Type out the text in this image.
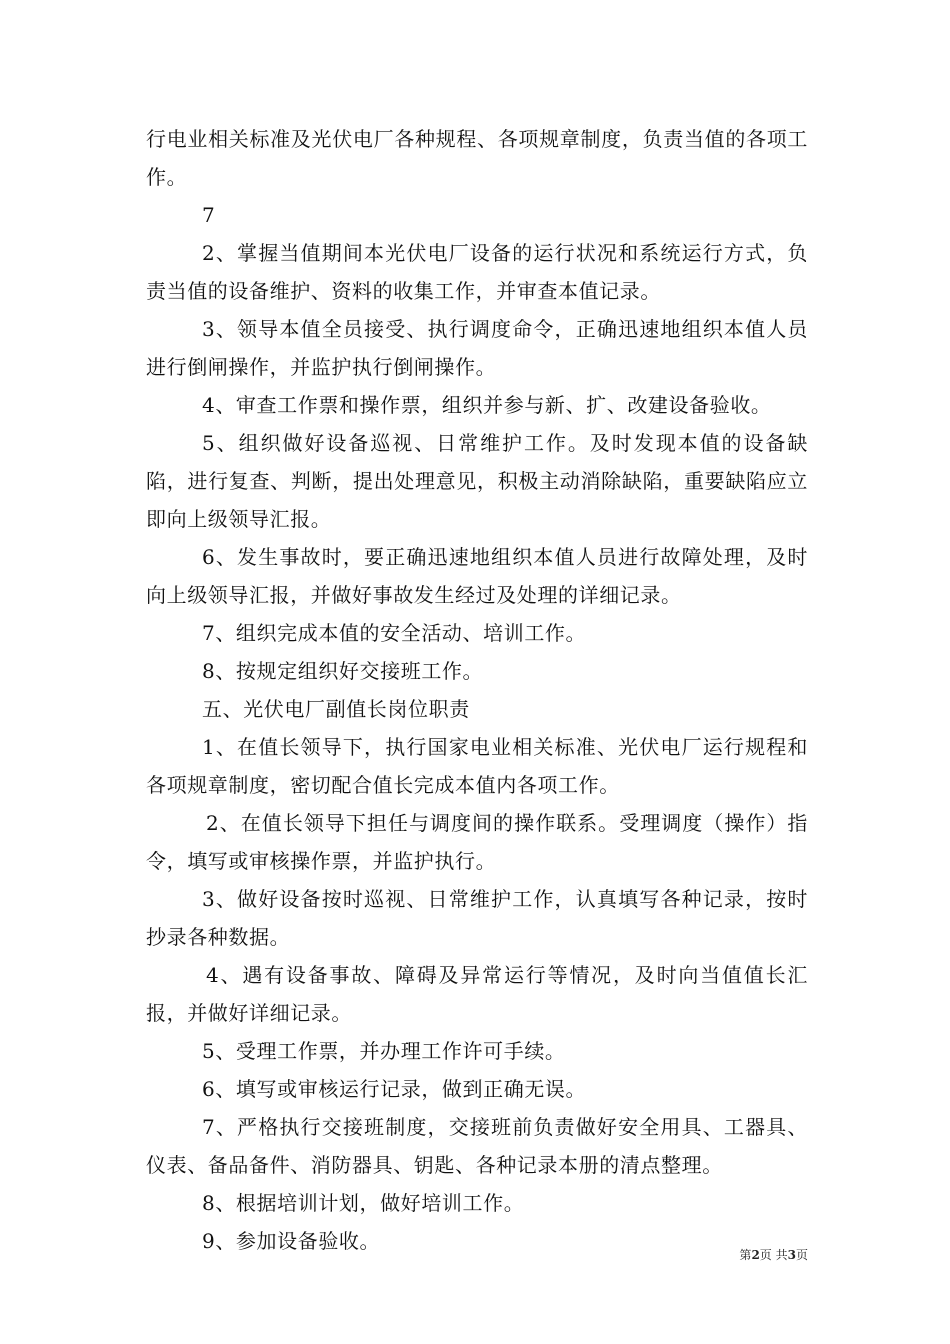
行电业相关标准及光伏电厂各种规程、各项规章制度，负责当值的各项工作。

7

2、掌握当值期间本光伏电厂设备的运行状况和系统运行方式，负责当值的设备维护、资料的收集工作，并审查本值记录。

3、领导本值全员接受、执行调度命令，正确迅速地组织本值人员进行倒闸操作，并监护执行倒闸操作。

4、审查工作票和操作票，组织并参与新、扩、改建设备验收。

5、组织做好设备巡视、日常维护工作。及时发现本值的设备缺陷，进行复查、判断，提出处理意见，积极主动消除缺陷，重要缺陷应立即向上级领导汇报。

6、发生事故时，要正确迅速地组织本值人员进行故障处理，及时向上级领导汇报，并做好事故发生经过及处理的详细记录。

7、组织完成本值的安全活动、培训工作。

8、按规定组织好交接班工作。

五、光伏电厂副值长岗位职责

1、在值长领导下，执行国家电业相关标准、光伏电厂运行规程和各项规章制度，密切配合值长完成本值内各项工作。

2、在值长领导下担任与调度间的操作联系。受理调度（操作）指令，填写或审核操作票，并监护执行。

3、做好设备按时巡视、日常维护工作，认真填写各种记录，按时抄录各种数据。

4、遇有设备事故、障碍及异常运行等情况，及时向当值值长汇报，并做好详细记录。

5、受理工作票，并办理工作许可手续。

6、填写或审核运行记录，做到正确无误。

7、严格执行交接班制度，交接班前负责做好安全用具、工器具、仪表、备品备件、消防器具、钥匙、各种记录本册的清点整理。

8、根据培训计划，做好培训工作。

9、参加设备验收。

第2页 共3页
